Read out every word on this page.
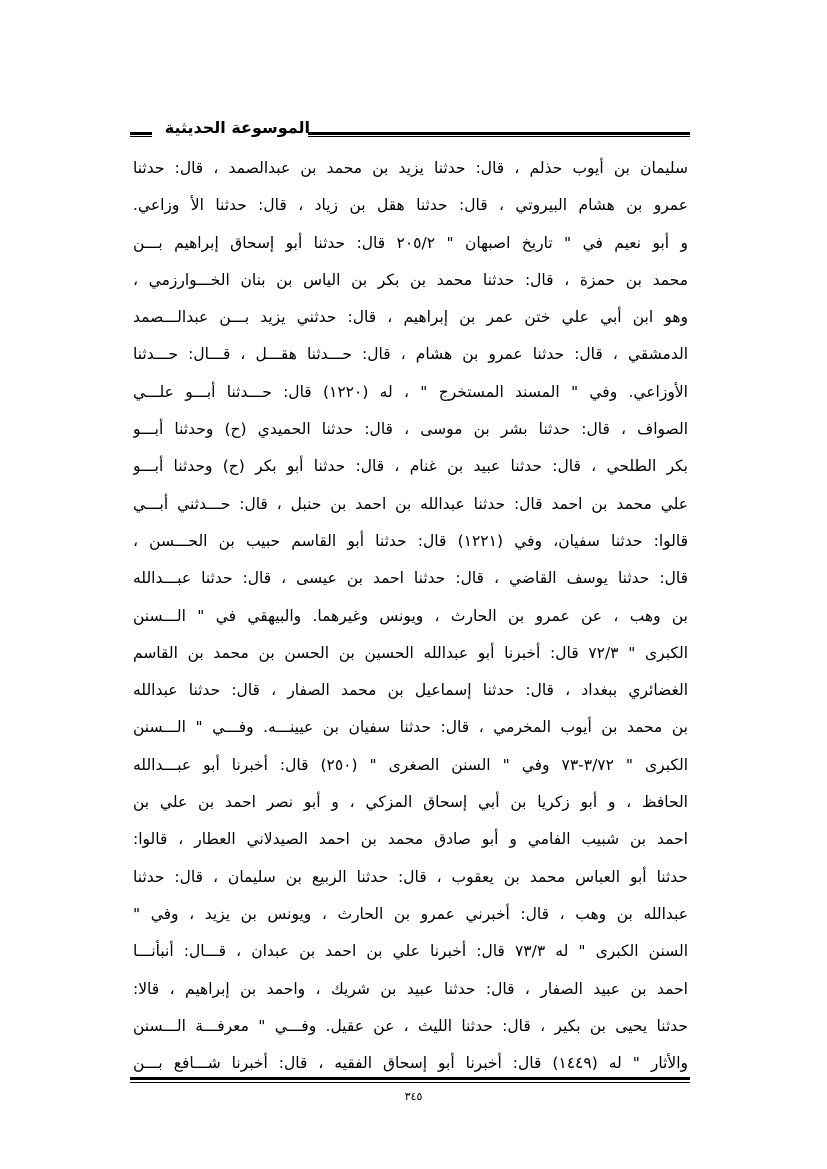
الموسوعة الحديثية
سليمان بن أيوب حذلم ، قال: حدثنا يزيد بن محمد بن عبدالصمد ، قال: حدثنا
عمرو بن هشام البيروتي ، قال: حدثنا هقل بن زياد ، قال: حدثنا الأ وزاعي.
و أبو نعيم في " تاريخ اصبهان " ٢٠٥/٢ قال: حدثنا أبو إسحاق إبراهيم بـــن
محمد بن حمزة ، قال: حدثنا محمد بن بكر بن الياس بن بنان الخـــوارزمي ،
وهو ابن أبي علي ختن عمر بن إبراهيم ، قال: حدثني يزيد بـــن عبدالـــصمد
الدمشقي ، قال: حدثنا عمرو بن هشام ، قال: حـــدثنا هقـــل ، قـــال: حـــدثنا
الأوزاعي. وفي " المسند المستخرج " ، له (١٢٢٠) قال: حـــدثنا أبـــو علـــي
الصواف ، قال: حدثنا بشر بن موسى ، قال: حدثنا الحميدي (ح) وحدثنا أبـــو
بكر الطلحي ، قال: حدثنا عبيد بن غنام ، قال: حدثنا أبو بكر (ح) وحدثنا أبـــو
علي محمد بن احمد قال: حدثنا عبدالله بن احمد بن حنبل ، قال: حـــدثني أبـــي
قالوا: حدثنا سفيان، وفي (١٢٢١) قال: حدثنا أبو القاسم حبيب بن الحـــسن ،
قال: حدثنا يوسف القاضي ، قال: حدثنا احمد بن عيسى ، قال: حدثنا عبـــدالله
بن وهب ، عن عمرو بن الحارث ، ويونس وغيرهما. والبيهقي في " الـــسنن
الكبرى " ٧٢/٣ قال: أخبرنا أبو عبدالله الحسين بن الحسن بن محمد بن القاسم
الغضائري ببغداد ، قال: حدثنا إسماعيل بن محمد الصفار ، قال: حدثنا عبدالله
بن محمد بن أيوب المخرمي ، قال: حدثنا سفيان بن عيينـــه. وفـــي " الـــسنن
الكبرى " ٣/٧٢-٧٣ وفي " السنن الصغرى " (٢٥٠) قال: أخبرنا أبو عبـــدالله
الحافظ ، و أبو زكريا بن أبي إسحاق المزكي ، و أبو نصر احمد بن علي بن
احمد بن شبيب الفامي و أبو صادق محمد بن احمد الصيدلاني العطار ، قالوا:
حدثنا أبو العباس محمد بن يعقوب ، قال: حدثنا الربيع بن سليمان ، قال: حدثنا
عبدالله بن وهب ، قال: أخبرني عمرو بن الحارث ، ويونس بن يزيد ، وفي "
السنن الكبرى " له ٧٣/٣ قال: أخبرنا علي بن احمد بن عبدان ، قـــال: أنبأنـــا
احمد بن عبيد الصفار ، قال: حدثنا عبيد بن شريك ، واحمد بن إبراهيم ، قالا:
حدثنا يحيى بن بكير ، قال: حدثنا الليث ، عن عقيل. وفـــي " معرفـــة الـــسنن
والأثار " له (١٤٤٩) قال: أخبرنا أبو إسحاق الفقيه ، قال: أخبرنا شـــافع بـــن
٣٤٥
